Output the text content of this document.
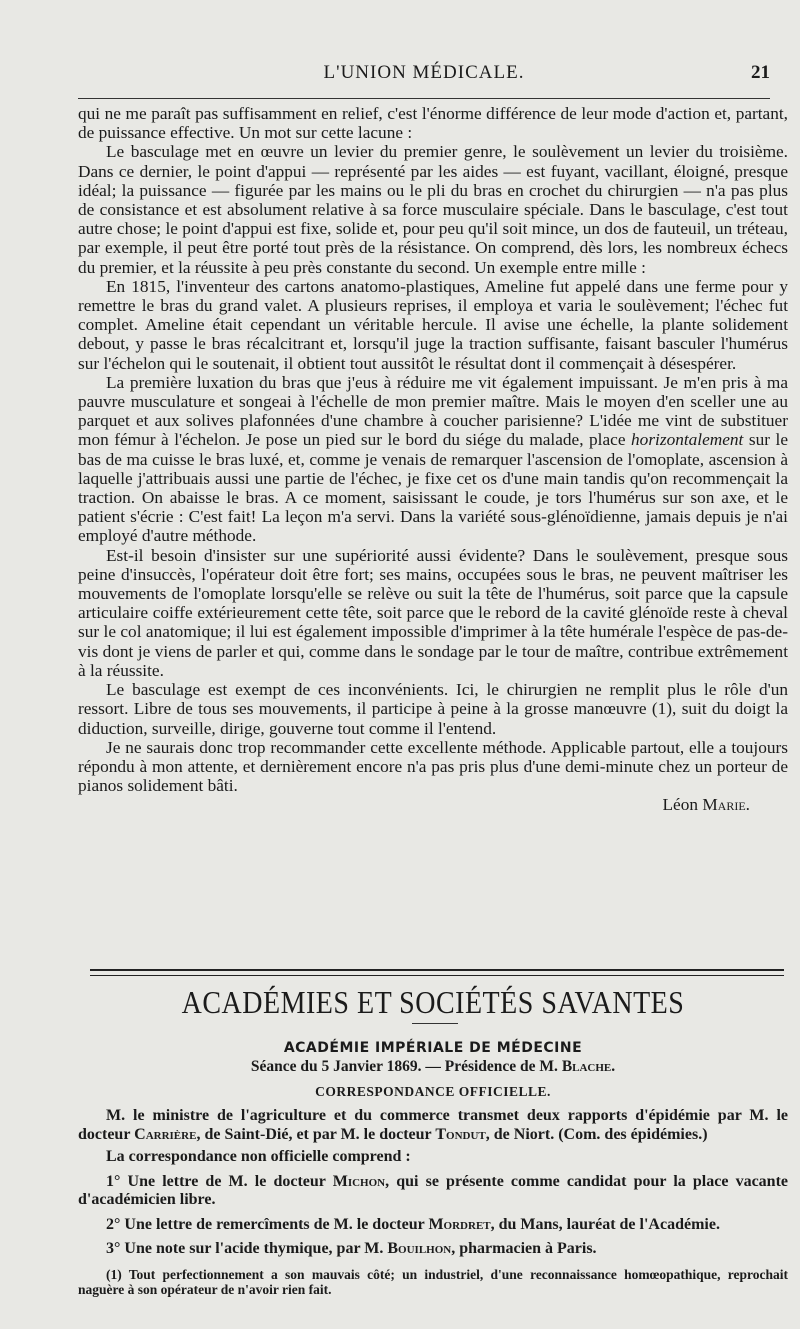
L'UNION MÉDICALE.	21

qui ne me paraît pas suffisamment en relief, c'est l'énorme différence de leur mode d'action et, partant, de puissance effective. Un mot sur cette lacune :

Le basculage met en œuvre un levier du premier genre, le soulèvement un levier du troisième. Dans ce dernier, le point d'appui — représenté par les aides — est fuyant, vacillant, éloigné, presque idéal; la puissance — figurée par les mains ou le pli du bras en crochet du chirurgien — n'a pas plus de consistance et est absolument relative à sa force musculaire spéciale. Dans le basculage, c'est tout autre chose; le point d'appui est fixe, solide et, pour peu qu'il soit mince, un dos de fauteuil, un tréteau, par exemple, il peut être porté tout près de la résistance. On comprend, dès lors, les nombreux échecs du premier, et la réussite à peu près constante du second. Un exemple entre mille :

En 1815, l'inventeur des cartons anatomo-plastiques, Ameline fut appelé dans une ferme pour y remettre le bras du grand valet. A plusieurs reprises, il employa et varia le soulèvement; l'échec fut complet. Ameline était cependant un véritable hercule. Il avise une échelle, la plante solidement debout, y passe le bras récalcitrant et, lorsqu'il juge la traction suffisante, faisant basculer l'humérus sur l'échelon qui le soutenait, il obtient tout aussitôt le résultat dont il commençait à désespérer.

La première luxation du bras que j'eus à réduire me vit également impuissant. Je m'en pris à ma pauvre musculature et songeai à l'échelle de mon premier maître. Mais le moyen d'en sceller une au parquet et aux solives plafonnées d'une chambre à coucher parisienne? L'idée me vint de substituer mon fémur à l'échelon. Je pose un pied sur le bord du siége du malade, place horizontalement sur le bas de ma cuisse le bras luxé, et, comme je venais de remarquer l'ascension de l'omoplate, ascension à laquelle j'attribuais aussi une partie de l'échec, je fixe cet os d'une main tandis qu'on recommençait la traction. On abaisse le bras. A ce moment, saisissant le coude, je tors l'humérus sur son axe, et le patient s'écrie : C'est fait! La leçon m'a servi. Dans la variété sous-glénoïdienne, jamais depuis je n'ai employé d'autre méthode.

Est-il besoin d'insister sur une supériorité aussi évidente? Dans le soulèvement, presque sous peine d'insuccès, l'opérateur doit être fort; ses mains, occupées sous le bras, ne peuvent maîtriser les mouvements de l'omoplate lorsqu'elle se relève ou suit la tête de l'humérus, soit parce que la capsule articulaire coiffe extérieurement cette tête, soit parce que le rebord de la cavité glénoïde reste à cheval sur le col anatomique; il lui est également impossible d'imprimer à la tête humérale l'espèce de pas-de-vis dont je viens de parler et qui, comme dans le sondage par le tour de maître, contribue extrêmement à la réussite.

Le basculage est exempt de ces inconvénients. Ici, le chirurgien ne remplit plus le rôle d'un ressort. Libre de tous ses mouvements, il participe à peine à la grosse manœuvre (1), suit du doigt la diduction, surveille, dirige, gouverne tout comme il l'entend.

Je ne saurais donc trop recommander cette excellente méthode. Applicable partout, elle a toujours répondu à mon attente, et dernièrement encore n'a pas pris plus d'une demi-minute chez un porteur de pianos solidement bâti.

Léon Marie.

ACADÉMIES ET SOCIÉTÉS SAVANTES
ACADÉMIE IMPÉRIALE DE MÉDECINE
Séance du 5 Janvier 1869. — Présidence de M. Blache.
CORRESPONDANCE OFFICIELLE.

M. le ministre de l'agriculture et du commerce transmet deux rapports d'épidémie par M. le docteur Carrière, de Saint-Dié, et par M. le docteur Tondut, de Niort. (Com. des épidémies.)

La correspondance non officielle comprend :

1° Une lettre de M. le docteur Michon, qui se présente comme candidat pour la place vacante d'académicien libre.

2° Une lettre de remercîments de M. le docteur Mordret, du Mans, lauréat de l'Académie.

3° Une note sur l'acide thymique, par M. Bouilhon, pharmacien à Paris.

(1) Tout perfectionnement a son mauvais côté; un industriel, d'une reconnaissance homœopathique, reprochait naguère à son opérateur de n'avoir rien fait.
